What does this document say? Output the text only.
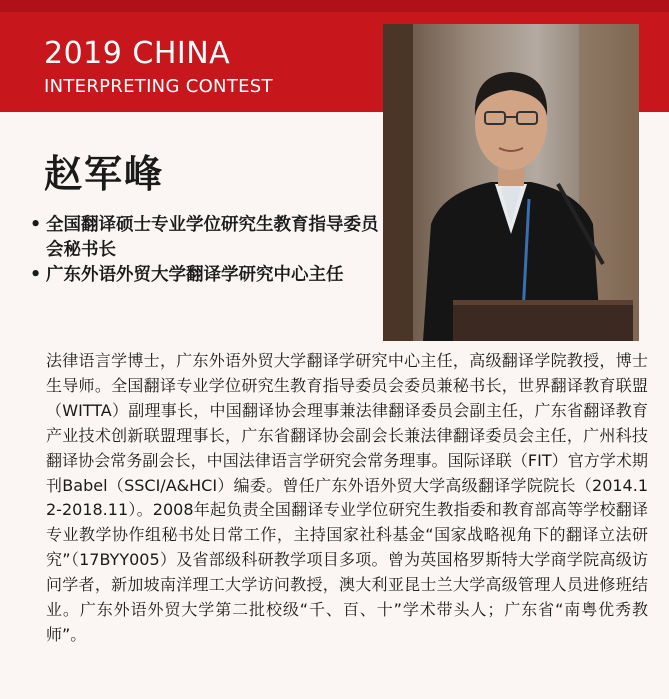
2019 CHINA
INTERPRETING CONTEST
赵军峰
• 全国翻译硕士专业学位研究生教育指导委员会秘书长
• 广东外语外贸大学翻译学研究中心主任
法律语言学博士，广东外语外贸大学翻译学研究中心主任，高级翻译学院教授，博士生导师。全国翻译专业学位研究生教育指导委员会委员兼秘书长，世界翻译教育联盟（WITTA）副理事长，中国翻译协会理事兼法律翻译委员会副主任，广东省翻译教育产业技术创新联盟理事长，广东省翻译协会副会长兼法律翻译委员会主任，广州科技翻译协会常务副会长，中国法律语言学研究会常务理事。国际译联（FIT）官方学术期刊Babel（SSCI/A&HCI）编委。曾任广东外语外贸大学高级翻译学院院长（2014.12-2018.11）。2008年起负责全国翻译专业学位研究生教指委和教育部高等学校翻译专业教学协作组秘书处日常工作，主持国家社科基金“国家战略视角下的翻译立法研究”（17BYY005）及省部级科研教学项目多项。曾为英国格罗斯特大学商学院高级访问学者，新加坡南洋理工大学访问教授，澳大利亚昆士兰大学高级管理人员进修班结业。广东外语外贸大学第二批校级“千、百、十”学术带头人；广东省“南粤优秀教师”。
